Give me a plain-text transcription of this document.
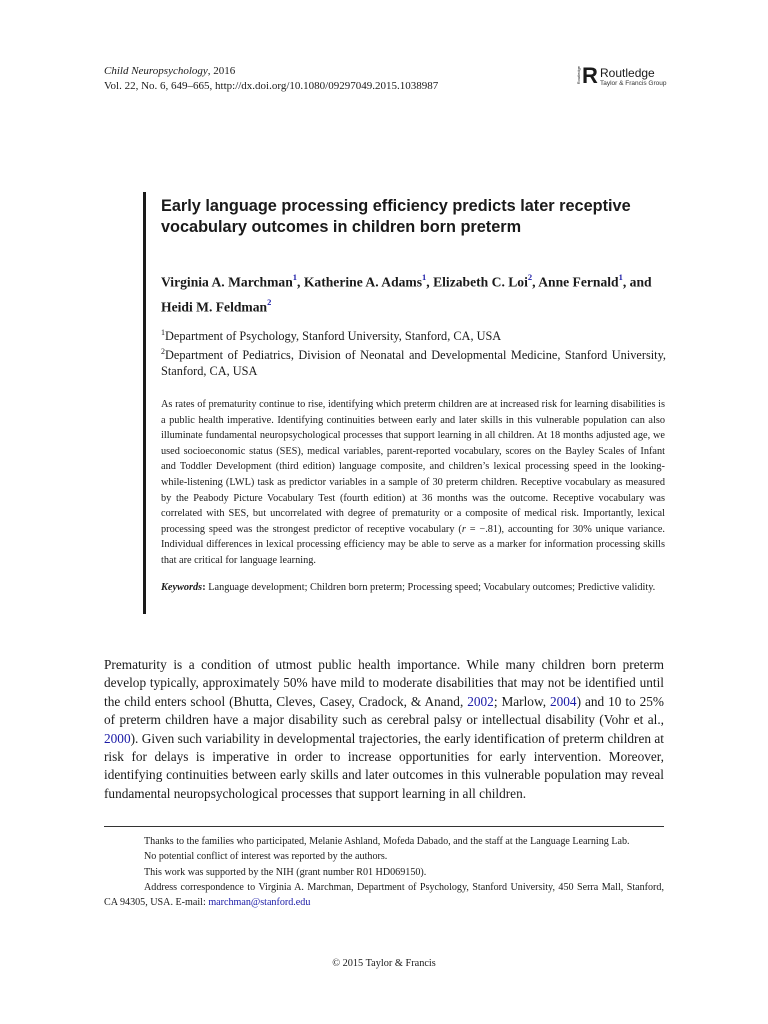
Child Neuropsychology, 2016
Vol. 22, No. 6, 649–665, http://dx.doi.org/10.1080/09297049.2015.1038987
Routledge R Routledge
Taylor & Francis Group
Early language processing efficiency predicts later receptive vocabulary outcomes in children born preterm
Virginia A. Marchman$^1$, Katherine A. Adams$^1$, Elizabeth C. Loi$^2$, Anne Fernald$^1$, and Heidi M. Feldman$^2$
$^1$Department of Psychology, Stanford University, Stanford, CA, USA
$^2$Department of Pediatrics, Division of Neonatal and Developmental Medicine, Stanford University, Stanford, CA, USA

As rates of prematurity continue to rise, identifying which preterm children are at increased risk for learning disabilities is a public health imperative. Identifying continuities between early and later skills in this vulnerable population can also illuminate fundamental neuropsychological processes that support learning in all children. At 18 months adjusted age, we used socioeconomic status (SES), medical variables, parent-reported vocabulary, scores on the Bayley Scales of Infant and Toddler Development (third edition) language composite, and children’s lexical processing speed in the looking-while-listening (LWL) task as predictor variables in a sample of 30 preterm children. Receptive vocabulary as measured by the Peabody Picture Vocabulary Test (fourth edition) at 36 months was the outcome. Receptive vocabulary was correlated with SES, but uncorrelated with degree of prematurity or a composite of medical risk. Importantly, lexical processing speed was the strongest predictor of receptive vocabulary (r = −.81), accounting for 30% unique variance. Individual differences in lexical processing efficiency may be able to serve as a marker for information processing skills that are critical for language learning.

Keywords: Language development; Children born preterm; Processing speed; Vocabulary outcomes; Predictive validity.

Prematurity is a condition of utmost public health importance. While many children born preterm develop typically, approximately 50% have mild to moderate disabilities that may not be identified until the child enters school (Bhutta, Cleves, Casey, Cradock, & Anand, 2002; Marlow, 2004) and 10 to 25% of preterm children have a major disability such as cerebral palsy or intellectual disability (Vohr et al., 2000). Given such variability in developmental trajectories, the early identification of preterm children at risk for delays is imperative in order to increase opportunities for early intervention. Moreover, identifying continuities between early skills and later outcomes in this vulnerable population may reveal fundamental neuropsychological processes that support learning in all children.

Thanks to the families who participated, Melanie Ashland, Mofeda Dabado, and the staff at the Language Learning Lab.

No potential conflict of interest was reported by the authors.

This work was supported by the NIH (grant number R01 HD069150).

Address correspondence to Virginia A. Marchman, Department of Psychology, Stanford University, 450 Serra Mall, Stanford, CA 94305, USA. E-mail: marchman@stanford.edu

© 2015 Taylor & Francis
